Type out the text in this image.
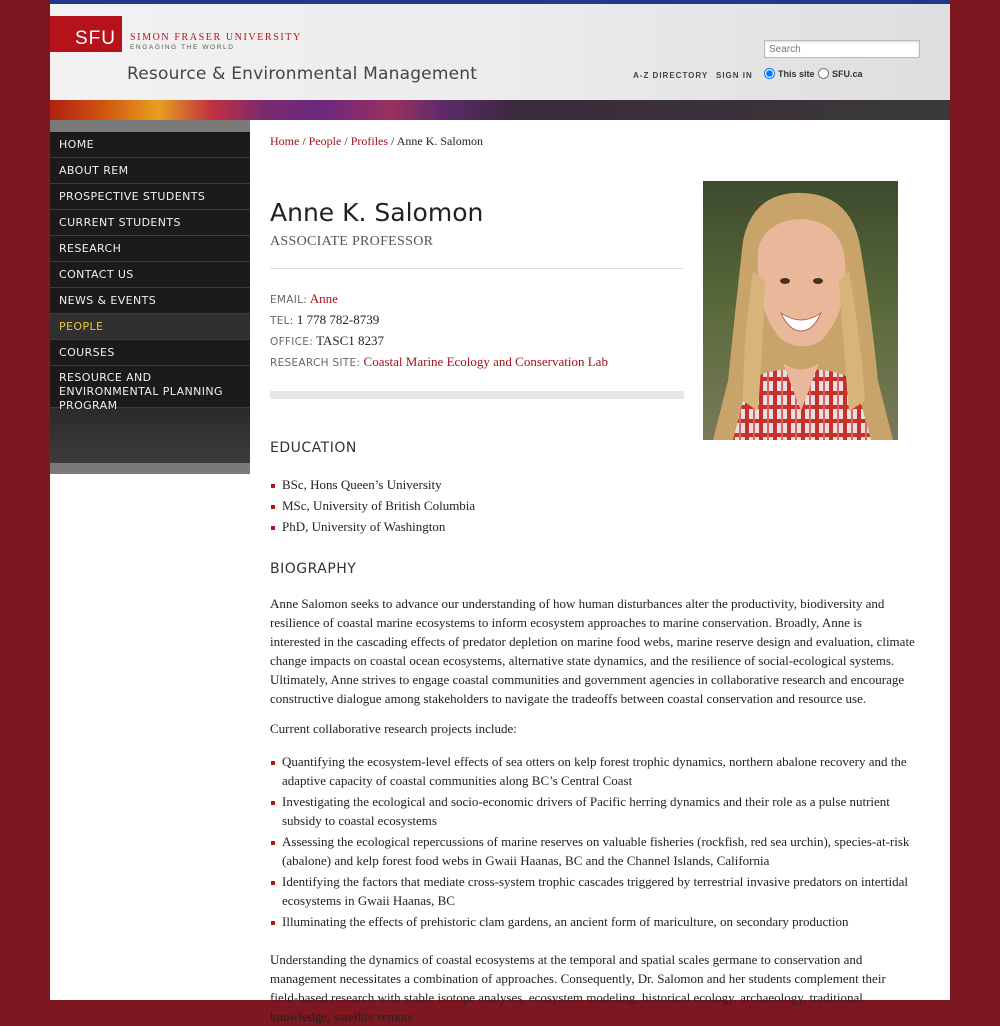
SFU SIMON FRASER UNIVERSITY
ENGAGING THE WORLD
Resource & Environmental Management
Search	A-Z DIRECTORY SIGN IN	This site SFU.ca
HOME
ABOUT REM
PROSPECTIVE STUDENTS
CURRENT STUDENTS
RESEARCH
CONTACT US
NEWS & EVENTS
PEOPLE
COURSES
RESOURCE AND ENVIRONMENTAL PLANNING PROGRAM
Home / People / Profiles / Anne K. Salomon
Anne K. Salomon
ASSOCIATE PROFESSOR
EMAIL: Anne
TEL: 1 778 782-8739
OFFICE: TASC1 8237
RESEARCH SITE: Coastal Marine Ecology and Conservation Lab
EDUCATION
BSc, Hons Queen’s University
MSc, University of British Columbia
PhD, University of Washington
BIOGRAPHY

Anne Salomon seeks to advance our understanding of how human disturbances alter the productivity, biodiversity and resilience of coastal marine ecosystems to inform ecosystem approaches to marine conservation. Broadly, Anne is interested in the cascading effects of predator depletion on marine food webs, marine reserve design and evaluation, climate change impacts on coastal ocean ecosystems, alternative state dynamics, and the resilience of social-ecological systems. Ultimately, Anne strives to engage coastal communities and government agencies in collaborative research and encourage constructive dialogue among stakeholders to navigate the tradeoffs between coastal conservation and resource use.

Current collaborative research projects include:

Quantifying the ecosystem-level effects of sea otters on kelp forest trophic dynamics, northern abalone recovery and the adaptive capacity of coastal communities along BC’s Central Coast
Investigating the ecological and socio-economic drivers of Pacific herring dynamics and their role as a pulse nutrient subsidy to coastal ecosystems
Assessing the ecological repercussions of marine reserves on valuable fisheries (rockfish, red sea urchin), species-at-risk (abalone) and kelp forest food webs in Gwaii Haanas, BC and the Channel Islands, California
Identifying the factors that mediate cross-system trophic cascades triggered by terrestrial invasive predators on intertidal ecosystems in Gwaii Haanas, BC
Illuminating the effects of prehistoric clam gardens, an ancient form of mariculture, on secondary production

Understanding the dynamics of coastal ecosystems at the temporal and spatial scales germane to conservation and management necessitates a combination of approaches. Consequently, Dr. Salomon and her students complement their field-based research with stable isotope analyses, ecosystem modeling, historical ecology, archaeology, traditional knowledge, satellite remote
